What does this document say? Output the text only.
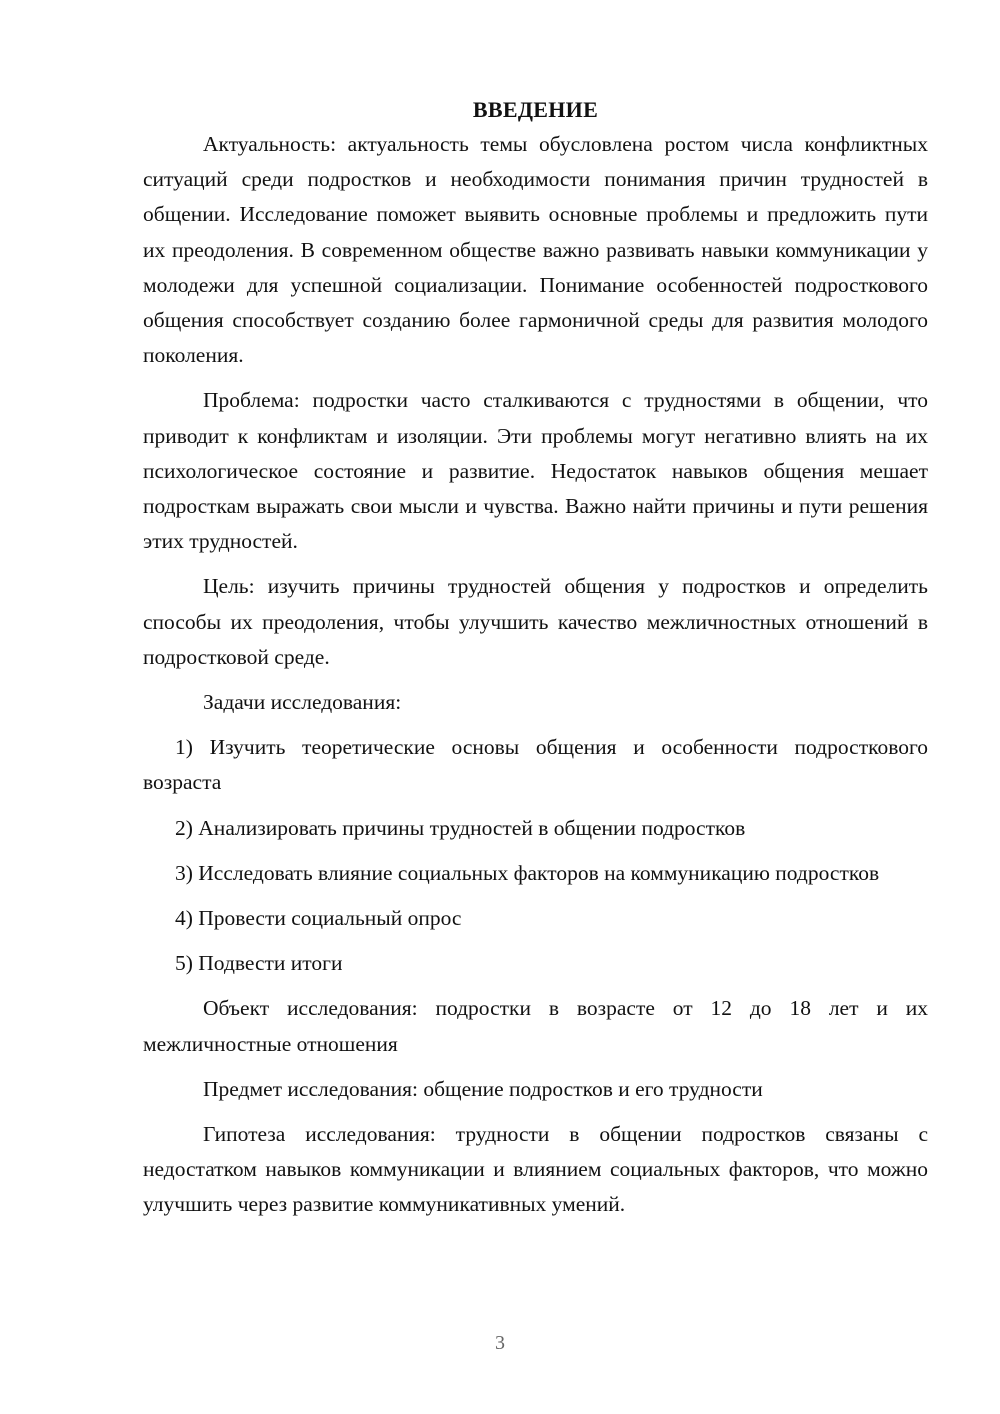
ВВЕДЕНИЕ

Актуальность: актуальность темы обусловлена ростом числа конфликтных ситуаций среди подростков и необходимости понимания причин трудностей в общении. Исследование поможет выявить основные проблемы и предложить пути их преодоления. В современном обществе важно развивать навыки коммуникации у молодежи для успешной социализации. Понимание особенностей подросткового общения способствует созданию более гармоничной среды для развития молодого поколения.

Проблема: подростки часто сталкиваются с трудностями в общении, что приводит к конфликтам и изоляции. Эти проблемы могут негативно влиять на их психологическое состояние и развитие. Недостаток навыков общения мешает подросткам выражать свои мысли и чувства. Важно найти причины и пути решения этих трудностей.

Цель: изучить причины трудностей общения у подростков и определить способы их преодоления, чтобы улучшить качество межличностных отношений в подростковой среде.

Задачи исследования:

1) Изучить теоретические основы общения и особенности подросткового возраста

2) Анализировать причины трудностей в общении подростков

3) Исследовать влияние социальных факторов на коммуникацию подростков

4) Провести социальный опрос

5) Подвести итоги

Объект исследования: подростки в возрасте от 12 до 18 лет и их межличностные отношения

Предмет исследования: общение подростков и его трудности

Гипотеза исследования: трудности в общении подростков связаны с недостатком навыков коммуникации и влиянием социальных факторов, что можно улучшить через развитие коммуникативных умений.

3
